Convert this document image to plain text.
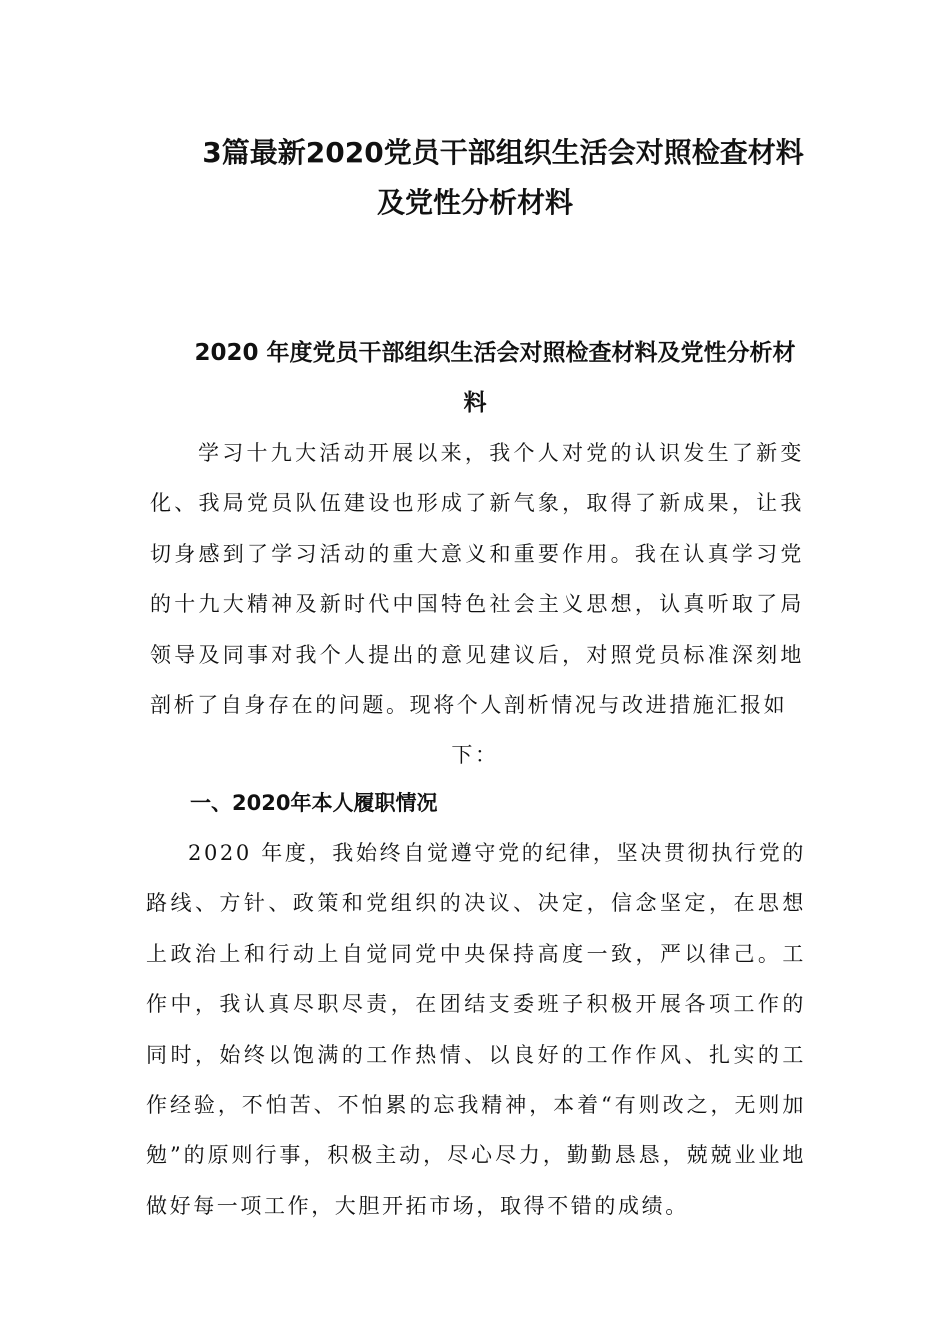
3篇最新2020党员干部组织生活会对照检查材料
及党性分析材料
2020 年度党员干部组织生活会对照检查材料及党性分析材
料

学习十九大活动开展以来，我个人对党的认识发生了新变化、我局党员队伍建设也形成了新气象，取得了新成果，让我切身感到了学习活动的重大意义和重要作用。我在认真学习党的十九大精神及新时代中国特色社会主义思想，认真听取了局领导及同事对我个人提出的意见建议后，对照党员标准深刻地剖析了自身存在的问题。现将个人剖析情况与改进措施汇报如

下：

一、2020年本人履职情况

2020 年度，我始终自觉遵守党的纪律，坚决贯彻执行党的路线、方针、政策和党组织的决议、决定，信念坚定，在思想上政治上和行动上自觉同党中央保持高度一致，严以律己。工作中，我认真尽职尽责，在团结支委班子积极开展各项工作的同时，始终以饱满的工作热情、以良好的工作作风、扎实的工作经验，不怕苦、不怕累的忘我精神，本着“有则改之，无则加勉”的原则行事，积极主动，尽心尽力，勤勤恳恳，兢兢业业地做好每一项工作，大胆开拓市场，取得不错的成绩。
